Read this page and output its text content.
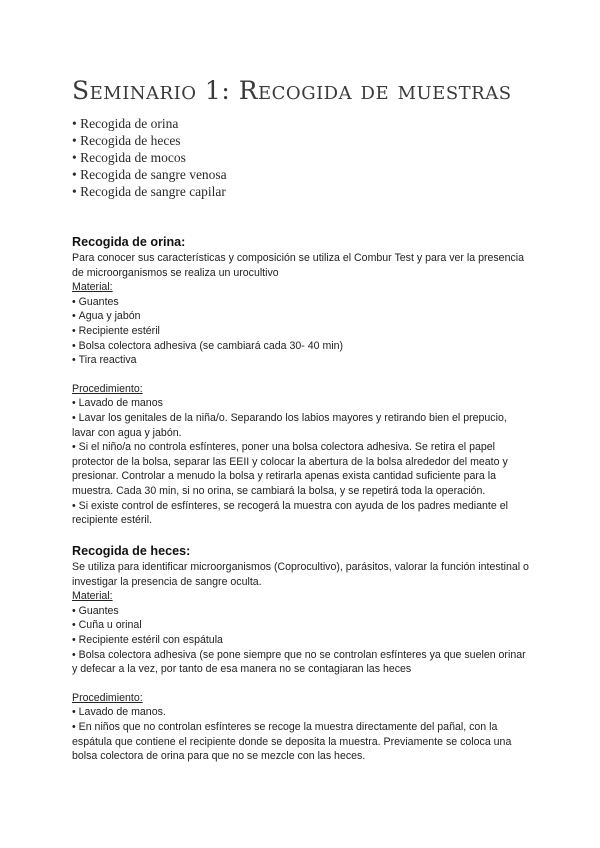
Seminario 1: Recogida de muestras
• Recogida de orina
• Recogida de heces
• Recogida de mocos
• Recogida de sangre venosa
• Recogida de sangre capilar
Recogida de orina:

Para conocer sus características y composición se utiliza el Combur Test y para ver la presencia de microorganismos se realiza un urocultivo

Material:
• Guantes
• Agua y jabón
• Recipiente estéril
• Bolsa colectora adhesiva (se cambiará cada 30- 40 min)
• Tira reactiva
Procedimiento:
• Lavado de manos
• Lavar los genitales de la niña/o. Separando los labios mayores y retirando bien el prepucio, lavar con agua y jabón.
• Si el niño/a no controla esfínteres, poner una bolsa colectora adhesiva. Se retira el papel protector de la bolsa, separar las EEII y colocar la abertura de la bolsa alrededor del meato y presionar. Controlar a menudo la bolsa y retirarla apenas exista cantidad suficiente para la muestra. Cada 30 min, si no orina, se cambiará la bolsa, y se repetirá toda la operación.
• Si existe control de esfínteres, se recogerá la muestra con ayuda de los padres mediante el recipiente estéril.
Recogida de heces:

Se utiliza para identificar microorganismos (Coprocultivo), parásitos, valorar la función intestinal o investigar la presencia de sangre oculta.

Material:
• Guantes
• Cuña u orinal
• Recipiente estéril con espátula
• Bolsa colectora adhesiva (se pone siempre que no se controlan esfínteres ya que suelen orinar y defecar a la vez, por tanto de esa manera no se contagiaran las heces
Procedimiento:
• Lavado de manos.
• En niños que no controlan esfínteres se recoge la muestra directamente del pañal, con la espátula que contiene el recipiente donde se deposita la muestra. Previamente se coloca una bolsa colectora de orina para que no se mezcle con las heces.
